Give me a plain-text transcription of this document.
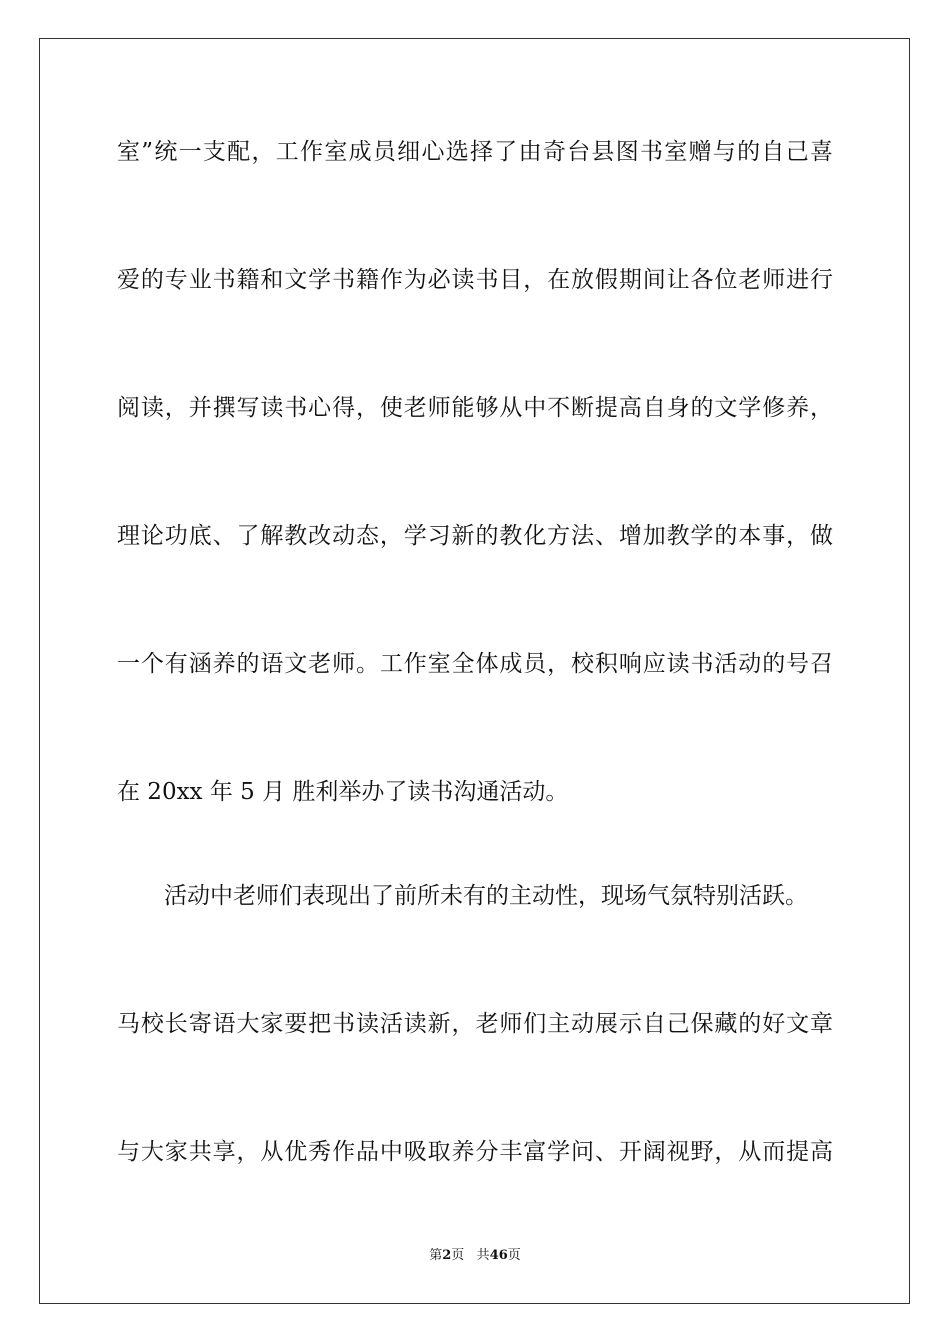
室”统一支配，工作室成员细心选择了由奇台县图书室赠与的自己喜
爱的专业书籍和文学书籍作为必读书目，在放假期间让各位老师进行
阅读，并撰写读书心得，使老师能够从中不断提高自身的文学修养，
理论功底、了解教改动态，学习新的教化方法、增加教学的本事，做
一个有涵养的语文老师。工作室全体成员，校积响应读书活动的号召
在 20xx 年 5 月 胜利举办了读书沟通活动。
活动中老师们表现出了前所未有的主动性，现场气氛特别活跃。
马校长寄语大家要把书读活读新，老师们主动展示自己保藏的好文章
与大家共享，从优秀作品中吸取养分丰富学问、开阔视野，从而提高
第2页 共46页
